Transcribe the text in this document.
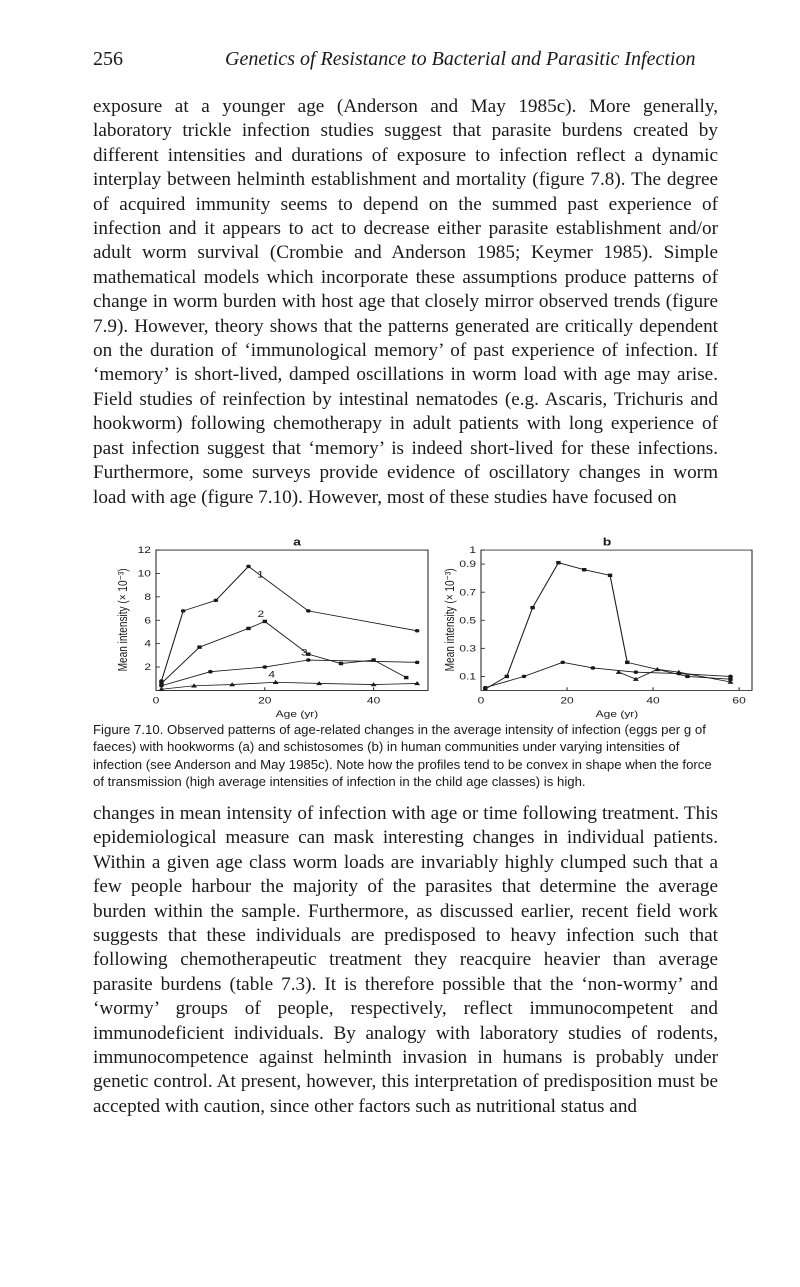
256	Genetics of Resistance to Bacterial and Parasitic Infection

exposure at a younger age (Anderson and May 1985c). More generally, laboratory trickle infection studies suggest that parasite burdens created by different intensities and durations of exposure to infection reflect a dynamic interplay between helminth establishment and mortality (figure 7.8). The degree of acquired immunity seems to depend on the summed past experience of infection and it appears to act to decrease either parasite establishment and/or adult worm survival (Crombie and Anderson 1985; Keymer 1985). Simple mathematical models which incorporate these assumptions produce patterns of change in worm burden with host age that closely mirror observed trends (figure 7.9). However, theory shows that the patterns generated are critically dependent on the duration of ‘immunological memory’ of past experience of infection. If ‘memory’ is short-lived, damped oscillations in worm load with age may arise. Field studies of reinfection by intestinal nematodes (e.g. Ascaris, Trichuris and hookworm) following chemotherapy in adult patients with long experience of past infection suggest that ‘memory’ is indeed short-lived for these infections. Furthermore, some surveys provide evidence of oscillatory changes in worm load with age (figure 7.10). However, most of these studies have focused on

a
Mean intensity (× 10⁻³)
Age (yr)
0	20	40
2
4
6
8
10
12
1
2
3
4
b
Mean intensity (× 10⁻³)
Age (yr)
0	20	40	60
0.1
0.3
0.5
0.7
0.9
1
Figure 7.10. Observed patterns of age-related changes in the average intensity of infection (eggs per g of faeces) with hookworms (a) and schistosomes (b) in human communities under varying intensities of infection (see Anderson and May 1985c). Note how the profiles tend to be convex in shape when the force of transmission (high average intensities of infection in the child age classes) is high.

changes in mean intensity of infection with age or time following treatment. This epidemiological measure can mask interesting changes in individual patients. Within a given age class worm loads are invariably highly clumped such that a few people harbour the majority of the parasites that determine the average burden within the sample. Furthermore, as discussed earlier, recent field work suggests that these individuals are predisposed to heavy infection such that following chemotherapeutic treatment they reacquire heavier than average parasite burdens (table 7.3). It is therefore possible that the ‘non-wormy’ and ‘wormy’ groups of people, respectively, reflect immunocompetent and immunodeficient individuals. By analogy with laboratory studies of rodents, immunocompetence against helminth invasion in humans is probably under genetic control. At present, however, this interpretation of predisposition must be accepted with caution, since other factors such as nutritional status and
